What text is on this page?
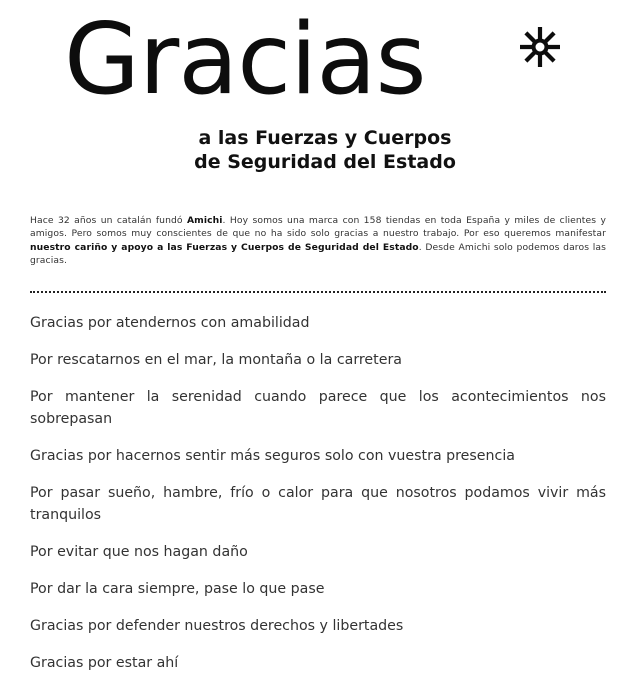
Gracias
a las Fuerzas y Cuerpos
de Seguridad del Estado

Hace 32 años un catalán fundó Amichi. Hoy somos una marca con 158 tiendas en toda España y miles de clientes y amigos. Pero somos muy conscientes de que no ha sido solo gracias a nuestro trabajo. Por eso queremos manifestar nuestro cariño y apoyo a las Fuerzas y Cuerpos de Seguridad del Estado. Desde Amichi solo podemos daros las gracias.

Gracias por atendernos con amabilidad
Por rescatarnos en el mar, la montaña o la carretera
Por mantener la serenidad cuando parece que los acontecimientos nos sobrepasan
Gracias por hacernos sentir más seguros solo con vuestra presencia
Por pasar sueño, hambre, frío o calor para que nosotros podamos vivir más tranquilos
Por evitar que nos hagan daño
Por dar la cara siempre, pase lo que pase
Gracias por defender nuestros derechos y libertades
Gracias por estar ahí
